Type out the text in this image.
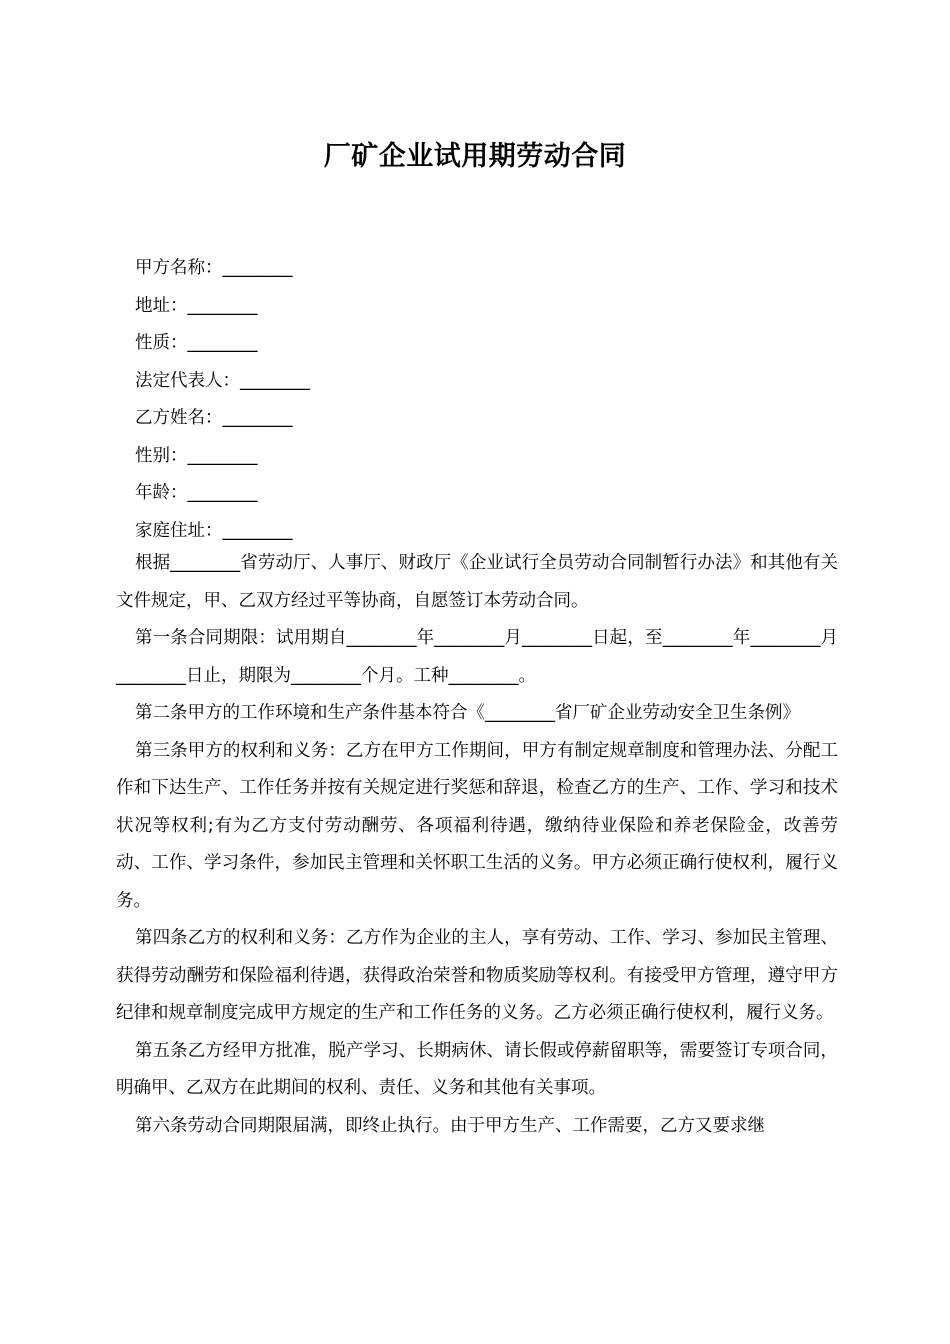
厂矿企业试用期劳动合同
甲方名称：________
地址：________
性质：________
法定代表人：________
乙方姓名：________
性别：________
年龄：________
家庭住址：________

根据________省劳动厅、人事厅、财政厅《企业试行全员劳动合同制暂行办法》和其他有关文件规定，甲、乙双方经过平等协商，自愿签订本劳动合同。

第一条合同期限：试用期自________年________月________日起，至________年________月________日止，期限为________个月。工种________。

第二条甲方的工作环境和生产条件基本符合《________省厂矿企业劳动安全卫生条例》

第三条甲方的权利和义务：乙方在甲方工作期间，甲方有制定规章制度和管理办法、分配工作和下达生产、工作任务并按有关规定进行奖惩和辞退，检查乙方的生产、工作、学习和技术状况等权利;有为乙方支付劳动酬劳、各项福利待遇，缴纳待业保险和养老保险金，改善劳动、工作、学习条件，参加民主管理和关怀职工生活的义务。甲方必须正确行使权利，履行义务。

第四条乙方的权利和义务：乙方作为企业的主人，享有劳动、工作、学习、参加民主管理、获得劳动酬劳和保险福利待遇，获得政治荣誉和物质奖励等权利。有接受甲方管理，遵守甲方纪律和规章制度完成甲方规定的生产和工作任务的义务。乙方必须正确行使权利，履行义务。

第五条乙方经甲方批准，脱产学习、长期病休、请长假或停薪留职等，需要签订专项合同，明确甲、乙双方在此期间的权利、责任、义务和其他有关事项。

第六条劳动合同期限届满，即终止执行。由于甲方生产、工作需要，乙方又要求继
